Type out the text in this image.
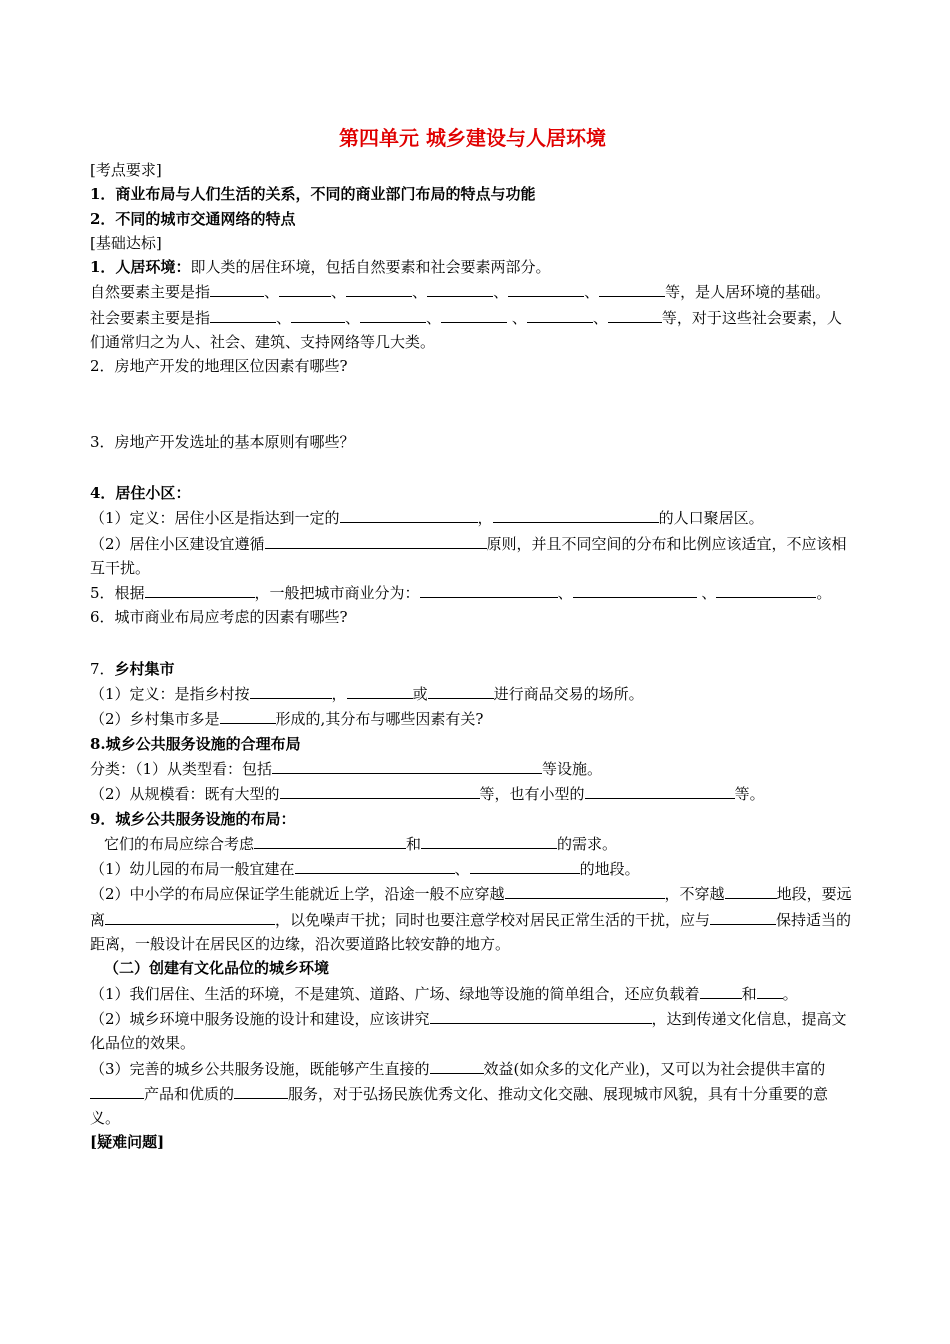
第四单元 城乡建设与人居环境

[考点要求]

1．商业布局与人们生活的关系，不同的商业部门布局的特点与功能

2．不同的城市交通网络的特点

[基础达标]

1．人居环境：即人类的居住环境，包括自然要素和社会要素两部分。

自然要素主要是指	、	、	、	、	、	等，是人居环境的基础。

社会要素主要是指	、	、	、	、	、	等，对于这些社会要素，人们通常归之为人、社会、建筑、支持网络等几大类。

2．房地产开发的地理区位因素有哪些?

3．房地产开发选址的基本原则有哪些？

4．居住小区：

（1）定义：居住小区是指达到一定的	，	的人口聚居区。

（2）居住小区建设宜遵循	原则，并且不同空间的分布和比例应该适宜，不应该相互干扰。

5．根据	，一般把城市商业分为：	、	、	。

6．城市商业布局应考虑的因素有哪些?

7．乡村集市

（1）定义：是指乡村按	，	或	进行商品交易的场所。

（2）乡村集市多是	形成的,其分布与哪些因素有关?

8.城乡公共服务设施的合理布局

分类：（1）从类型看：包括	等设施。

（2）从规模看：既有大型的	等，也有小型的	等。

9．城乡公共服务设施的布局：

它们的布局应综合考虑	和	的需求。

（1）幼儿园的布局一般宜建在	、	的地段。

（2）中小学的布局应保证学生能就近上学，沿途一般不应穿越	，不穿越	地段，要远离	，以免噪声干扰；同时也要注意学校对居民正常生活的干扰，应与	保持适当的距离，一般设计在居民区的边缘，沿次要道路比较安静的地方。

（二）创建有文化品位的城乡环境

（1）我们居住、生活的环境，不是建筑、道路、广场、绿地等设施的简单组合，还应负载着	和 。

（2）城乡环境中服务设施的设计和建设，应该讲究	，达到传递文化信息，提高文化品位的效果。

（3）完善的城乡公共服务设施，既能够产生直接的	效益(如众多的文化产业)，又可以为社会提供丰富的产品和优质的	服务，对于弘扬民族优秀文化、推动文化交融、展现城市风貌，具有十分重要的意义。

[疑难问题]
